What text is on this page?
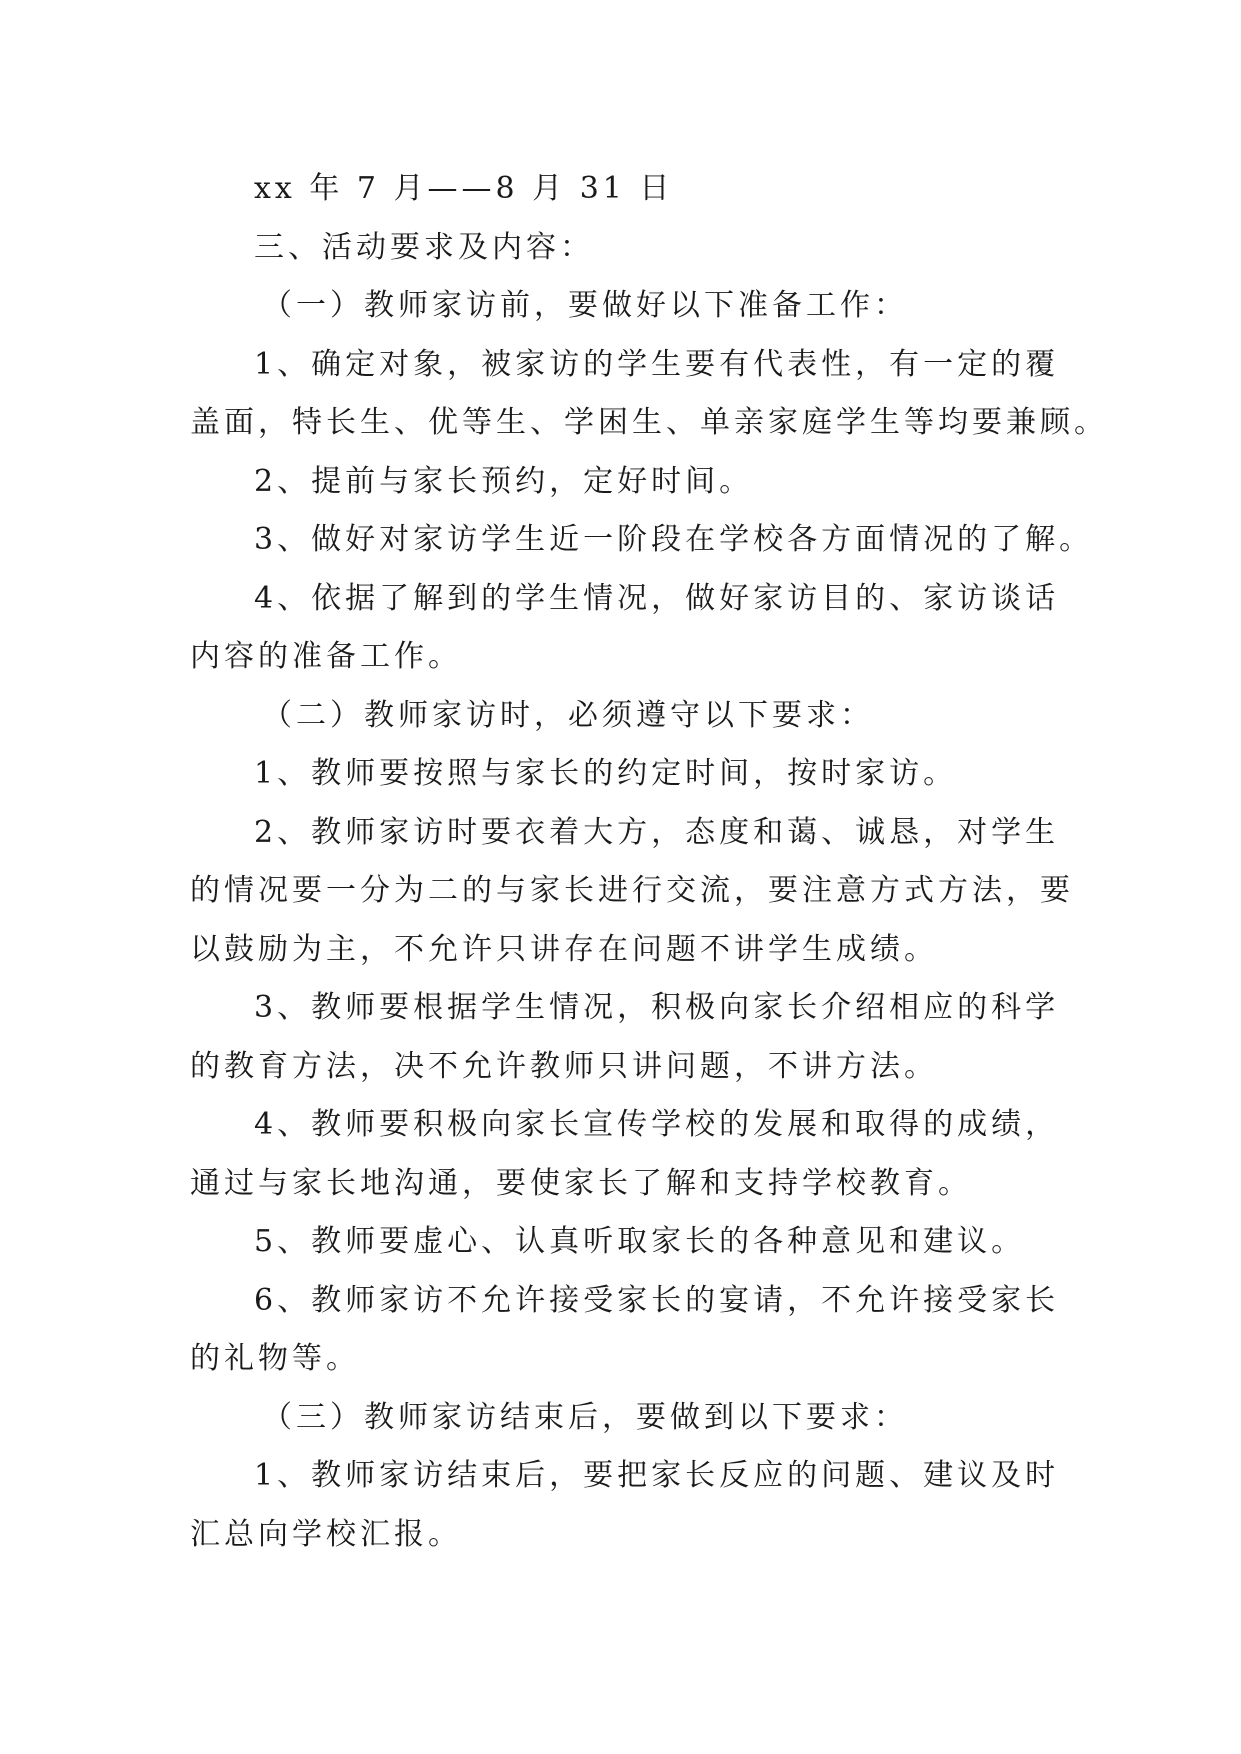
xx 年 7 月——8 月 31 日
三、活动要求及内容：
（一）教师家访前，要做好以下准备工作：
1、确定对象，被家访的学生要有代表性，有一定的覆
盖面，特长生、优等生、学困生、单亲家庭学生等均要兼顾。
2、提前与家长预约，定好时间。
3、做好对家访学生近一阶段在学校各方面情况的了解。
4、依据了解到的学生情况，做好家访目的、家访谈话
内容的准备工作。
（二）教师家访时，必须遵守以下要求：
1、教师要按照与家长的约定时间，按时家访。
2、教师家访时要衣着大方，态度和蔼、诚恳，对学生
的情况要一分为二的与家长进行交流，要注意方式方法，要
以鼓励为主，不允许只讲存在问题不讲学生成绩。
3、教师要根据学生情况，积极向家长介绍相应的科学
的教育方法，决不允许教师只讲问题，不讲方法。
4、教师要积极向家长宣传学校的发展和取得的成绩，
通过与家长地沟通，要使家长了解和支持学校教育。
5、教师要虚心、认真听取家长的各种意见和建议。
6、教师家访不允许接受家长的宴请，不允许接受家长
的礼物等。
（三）教师家访结束后，要做到以下要求：
1、教师家访结束后，要把家长反应的问题、建议及时
汇总向学校汇报。
